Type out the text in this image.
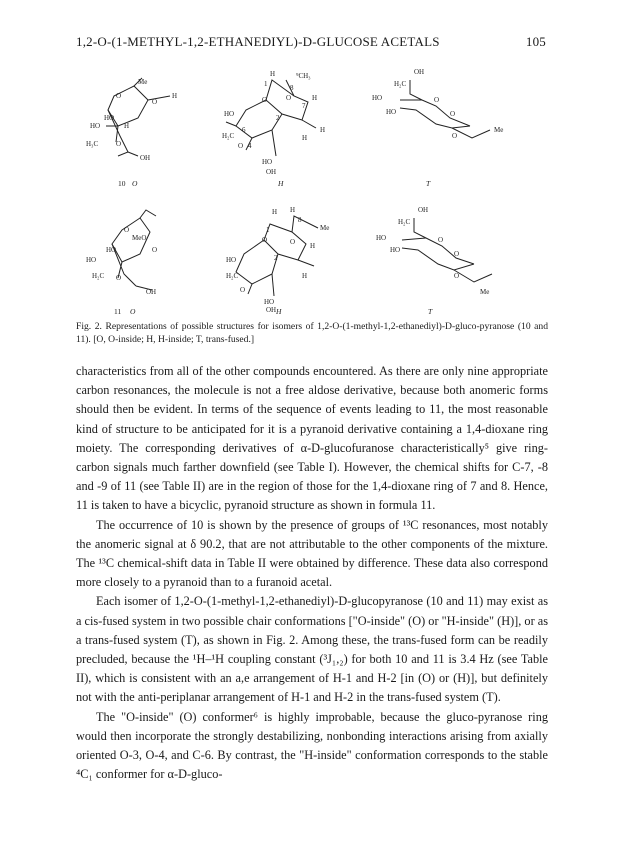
1,2-O-(1-METHYL-1,2-ETHANEDIYL)-D-GLUCOSE ACETALS	105
Me
H
HO
HO
H₃C
H
OH
O
O
O
10 O
⁹CH₃
H
H
H
H
HO
HO
H₂C
OH
O	O
O
1
2
4
6
7
8
H
OH
H₂C
HO
HO
O
O
O
Me
T
MeO
HO
HO
H₂C
OH
O
O
O
11 O
H H
H
H
Me
HO
HO
H₂C
OH
O	O
O
1
2
8
H
OH
H₂C
HO
HO
O
O
O
Me
T
Fig. 2. Representations of possible structures for isomers of 1,2-O-(1-methyl-1,2-ethanediyl)-D-gluco-pyranose (10 and 11). [O, O-inside; H, H-inside; T, trans-fused.]

characteristics from all of the other compounds encountered. As there are only nine appropriate carbon resonances, the molecule is not a free aldose derivative, because both anomeric forms should then be evident. In terms of the sequence of events leading to 11, the most reasonable kind of structure to be anticipated for it is a pyranoid derivative containing a 1,4-dioxane ring moiety. The corresponding derivatives of α-D-glucofuranose characteristically⁵ give ring-carbon signals much farther downfield (see Table I). However, the chemical shifts for C-7, -8 and -9 of 11 (see Table II) are in the region of those for the 1,4-dioxane ring of 7 and 8. Hence, 11 is taken to have a bicyclic, pyranoid structure as shown in formula 11.

The occurrence of 10 is shown by the presence of groups of ¹³C resonances, most notably the anomeric signal at δ 90.2, that are not attributable to the other components of the mixture. The ¹³C chemical-shift data in Table II were obtained by difference. These data also correspond more closely to a pyranoid than to a furanoid acetal.

Each isomer of 1,2-O-(1-methyl-1,2-ethanediyl)-D-glucopyranose (10 and 11) may exist as a cis-fused system in two possible chair conformations ["O-inside" (O) or "H-inside" (H)], or as a trans-fused system (T), as shown in Fig. 2. Among these, the trans-fused form can be readily precluded, because the ¹H–¹H coupling constant (³J₁,₂) for both 10 and 11 is 3.4 Hz (see Table II), which is consistent with an a,e arrangement of H-1 and H-2 [in (O) or (H)], but definitely not with the anti-periplanar arrangement of H-1 and H-2 in the trans-fused system (T).

The "O-inside" (O) conformer⁶ is highly improbable, because the gluco-pyranose ring would then incorporate the strongly destabilizing, nonbonding interactions arising from axially oriented O-3, O-4, and C-6. By contrast, the "H-inside" conformation corresponds to the stable ⁴C₁ conformer for α-D-gluco-
